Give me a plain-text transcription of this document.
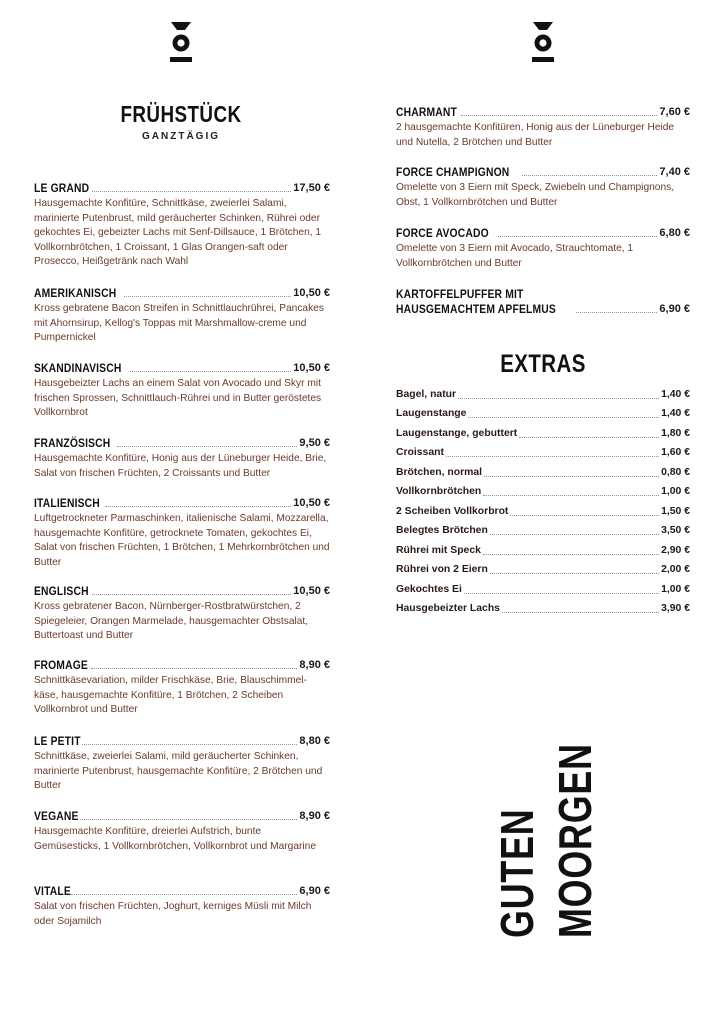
FRÜHSTÜCK
GANZTÄGIG
LE GRAND	17,50 €
Hausgemachte Konfitüre, Schnittkäse, zweierlei Salami, marinierte Putenbrust, mild geräucherter Schinken, Rührei oder gekochtes Ei, gebeizter Lachs mit Senf-Dillsauce, 1 Brötchen, 1 Vollkornbrötchen, 1 Croissant, 1 Glas Orangen-saft oder Prosecco, Heißgetränk nach Wahl
AMERIKANISCH	10,50 €
Kross gebratene Bacon Streifen in Schnittlauchrührei, Pancakes mit Ahornsirup, Kellog's Toppas mit Marshmallow-creme und Pumpernickel
SKANDINAVISCH	10,50 €
Hausgebeizter Lachs an einem Salat von Avocado und Skyr mit frischen Sprossen, Schnittlauch-Rührei und in Butter geröstetes Vollkornbrot
FRANZÖSISCH	9,50 €
Hausgemachte Konfitüre, Honig aus der Lüneburger Heide, Brie, Salat von frischen Früchten, 2 Croissants und Butter
ITALIENISCH	10,50 €
Luftgetrockneter Parmaschinken, italienische Salami, Mozzarella, hausgemachte Konfitüre, getrocknete Tomaten, gekochtes Ei, Salat von frischen Früchten, 1 Brötchen, 1 Mehrkornbrötchen und Butter
ENGLISCH	10,50 €
Kross gebratener Bacon, Nürnberger-Rostbratwürstchen, 2 Spiegeleier, Orangen Marmelade, hausgemachter Obstsalat, Buttertoast und Butter
FROMAGE	8,90 €
Schnittkäsevariation, milder Frischkäse, Brie, Blauschimmel-käse, hausgemachte Konfitüre, 1 Brötchen, 2 Scheiben Vollkornbrot und Butter
LE PETIT	8,80 €
Schnittkäse, zweierlei Salami, mild geräucherter Schinken, marinierte Putenbrust, hausgemachte Konfitüre, 2 Brötchen und Butter
VEGANE	8,90 €
Hausgemachte Konfitüre, dreierlei Aufstrich, bunte Gemüsesticks, 1 Vollkornbrötchen, Vollkornbrot und Margarine
VITALE	6,90 €
Salat von frischen Früchten, Joghurt, kerniges Müsli mit Milch oder Sojamilch
CHARMANT	7,60 €
2 hausgemachte Konfitüren, Honig aus der Lüneburger Heide und Nutella, 2 Brötchen und Butter
FORCE CHAMPIGNON	7,40 €
Omelette von 3 Eiern mit Speck, Zwiebeln und Champignons, Obst, 1 Vollkornbrötchen und Butter
FORCE AVOCADO	6,80 €
Omelette von 3 Eiern mit Avocado, Strauchtomate, 1 Vollkornbrötchen und Butter
KARTOFFELPUFFER MIT
HAUSGEMACHTEM APFELMUS	6,90 €
EXTRAS
Bagel, natur	1,40 €
Laugenstange	1,40 €
Laugenstange, gebuttert	1,80 €
Croissant	1,60 €
Brötchen, normal	0,80 €
Vollkornbrötchen	1,00 €
2 Scheiben Vollkorbrot	1,50 €
Belegtes Brötchen	3,50 €
Rührei mit Speck	2,90 €
Rührei von 2 Eiern	2,00 €
Gekochtes Ei	1,00 €
Hausgebeizter Lachs	3,90 €
GUTEN MOORGEN
